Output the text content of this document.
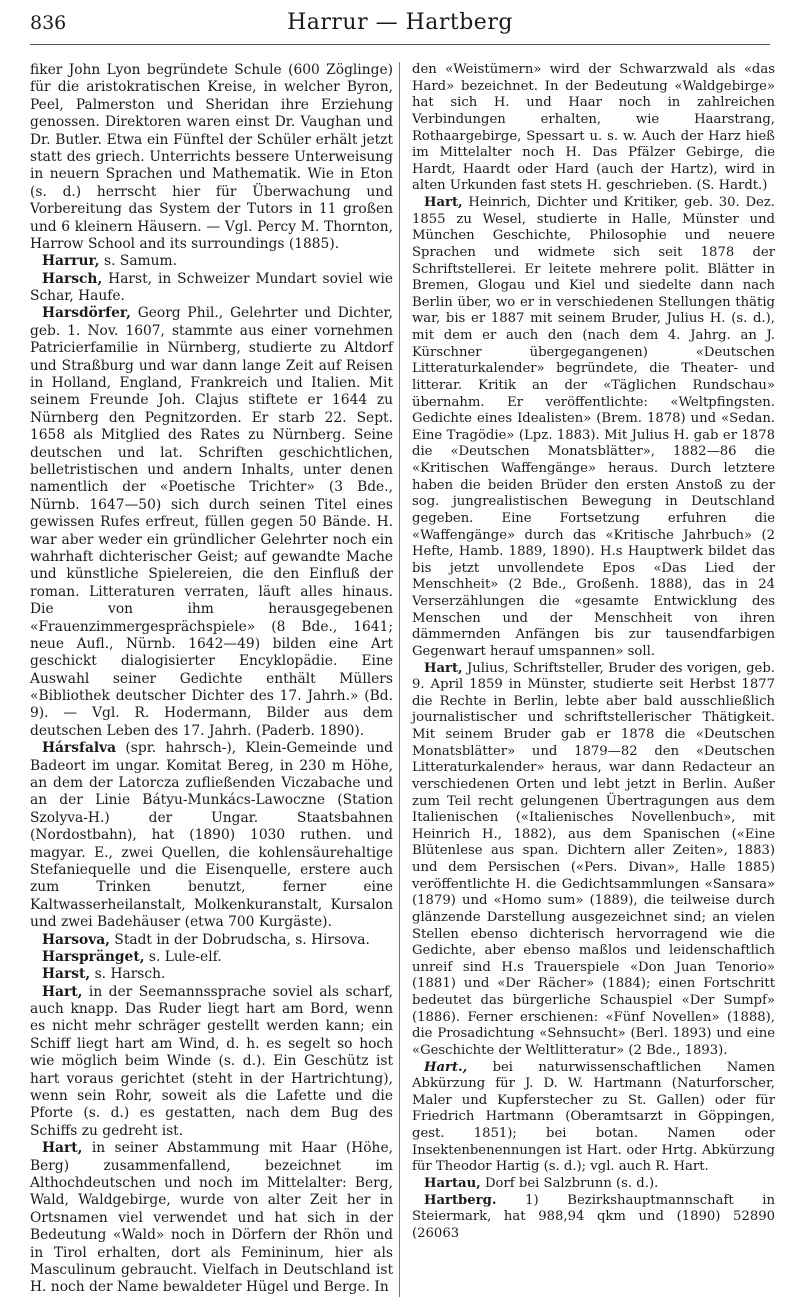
836	Harrur — Hartberg

fiker John Lyon begründete Schule (600 Zöglinge) für die aristokratischen Kreise, in welcher Byron, Peel, Palmerston und Sheridan ihre Erziehung genossen. Direktoren waren einst Dr. Vaughan und Dr. Butler. Etwa ein Fünftel der Schüler erhält jetzt statt des griech. Unterrichts bessere Unterweisung in neuern Sprachen und Mathematik. Wie in Eton (s. d.) herrscht hier für Überwachung und Vorbereitung das System der Tutors in 11 großen und 6 kleinern Häusern. — Vgl. Percy M. Thornton, Harrow School and its surroundings (1885).

Harrur, s. Samum.

Harsch, Harst, in Schweizer Mundart soviel wie Schar, Haufe.

Harsdörfer, Georg Phil., Gelehrter und Dichter, geb. 1. Nov. 1607, stammte aus einer vornehmen Patricierfamilie in Nürnberg, studierte zu Altdorf und Straßburg und war dann lange Zeit auf Reisen in Holland, England, Frankreich und Italien. Mit seinem Freunde Joh. Clajus stiftete er 1644 zu Nürnberg den Pegnitzorden. Er starb 22. Sept. 1658 als Mitglied des Rates zu Nürnberg. Seine deutschen und lat. Schriften geschichtlichen, belletristischen und andern Inhalts, unter denen namentlich der «Poetische Trichter» (3 Bde., Nürnb. 1647—50) sich durch seinen Titel eines gewissen Rufes erfreut, füllen gegen 50 Bände. H. war aber weder ein gründlicher Gelehrter noch ein wahrhaft dichterischer Geist; auf gewandte Mache und künstliche Spielereien, die den Einfluß der roman. Litteraturen verraten, läuft alles hinaus. Die von ihm herausgegebenen «Frauenzimmergesprächspiele» (8 Bde., 1641; neue Aufl., Nürnb. 1642—49) bilden eine Art geschickt dialogisierter Encyklopädie. Eine Auswahl seiner Gedichte enthält Müllers «Bibliothek deutscher Dichter des 17. Jahrh.» (Bd. 9). — Vgl. R. Hodermann, Bilder aus dem deutschen Leben des 17. Jahrh. (Paderb. 1890).

Hársfalva (spr. hahrsch-), Klein-Gemeinde und Badeort im ungar. Komitat Bereg, in 230 m Höhe, an dem der Latorcza zufließenden Viczabache und an der Linie Bátyu-Munkács-Lawoczne (Station Szolyva-H.) der Ungar. Staatsbahnen (Nordostbahn), hat (1890) 1030 ruthen. und magyar. E., zwei Quellen, die kohlensäurehaltige Stefaniequelle und die Eisenquelle, erstere auch zum Trinken benutzt, ferner eine Kaltwasserheilanstalt, Molkenkuranstalt, Kursalon und zwei Badehäuser (etwa 700 Kurgäste).

Harsova, Stadt in der Dobrudscha, s. Hirsova.

Harspränget, s. Lule-elf.

Harst, s. Harsch.

Hart, in der Seemannssprache soviel als scharf, auch knapp. Das Ruder liegt hart am Bord, wenn es nicht mehr schräger gestellt werden kann; ein Schiff liegt hart am Wind, d. h. es segelt so hoch wie möglich beim Winde (s. d.). Ein Geschütz ist hart voraus gerichtet (steht in der Hartrichtung), wenn sein Rohr, soweit als die Lafette und die Pforte (s. d.) es gestatten, nach dem Bug des Schiffs zu gedreht ist.

Hart, in seiner Abstammung mit Haar (Höhe, Berg) zusammenfallend, bezeichnet im Althochdeutschen und noch im Mittelalter: Berg, Wald, Waldgebirge, wurde von alter Zeit her in Ortsnamen viel verwendet und hat sich in der Bedeutung «Wald» noch in Dörfern der Rhön und in Tirol erhalten, dort als Femininum, hier als Masculinum gebraucht. Vielfach in Deutschland ist H. noch der Name bewaldeter Hügel und Berge. In

den «Weistümern» wird der Schwarzwald als «das Hard» bezeichnet. In der Bedeutung «Waldgebirge» hat sich H. und Haar noch in zahlreichen Verbindungen erhalten, wie Haarstrang, Rothaargebirge, Spessart u. s. w. Auch der Harz hieß im Mittelalter noch H. Das Pfälzer Gebirge, die Hardt, Haardt oder Hard (auch der Hartz), wird in alten Urkunden fast stets H. geschrieben. (S. Hardt.)

Hart, Heinrich, Dichter und Kritiker, geb. 30. Dez. 1855 zu Wesel, studierte in Halle, Münster und München Geschichte, Philosophie und neuere Sprachen und widmete sich seit 1878 der Schriftstellerei. Er leitete mehrere polit. Blätter in Bremen, Glogau und Kiel und siedelte dann nach Berlin über, wo er in verschiedenen Stellungen thätig war, bis er 1887 mit seinem Bruder, Julius H. (s. d.), mit dem er auch den (nach dem 4. Jahrg. an J. Kürschner übergegangenen) «Deutschen Litteraturkalender» begründete, die Theater- und litterar. Kritik an der «Täglichen Rundschau» übernahm. Er veröffentlichte: «Weltpfingsten. Gedichte eines Idealisten» (Brem. 1878) und «Sedan. Eine Tragödie» (Lpz. 1883). Mit Julius H. gab er 1878 die «Deutschen Monatsblätter», 1882—86 die «Kritischen Waffengänge» heraus. Durch letztere haben die beiden Brüder den ersten Anstoß zu der sog. jungrealistischen Bewegung in Deutschland gegeben. Eine Fortsetzung erfuhren die «Waffengänge» durch das «Kritische Jahrbuch» (2 Hefte, Hamb. 1889, 1890). H.s Hauptwerk bildet das bis jetzt unvollendete Epos «Das Lied der Menschheit» (2 Bde., Großenh. 1888), das in 24 Verserzählungen die «gesamte Entwicklung des Menschen und der Menschheit von ihren dämmernden Anfängen bis zur tausendfarbigen Gegenwart herauf umspannen» soll.

Hart, Julius, Schriftsteller, Bruder des vorigen, geb. 9. April 1859 in Münster, studierte seit Herbst 1877 die Rechte in Berlin, lebte aber bald ausschließlich journalistischer und schriftstellerischer Thätigkeit. Mit seinem Bruder gab er 1878 die «Deutschen Monatsblätter» und 1879—82 den «Deutschen Litteraturkalender» heraus, war dann Redacteur an verschiedenen Orten und lebt jetzt in Berlin. Außer zum Teil recht gelungenen Übertragungen aus dem Italienischen («Italienisches Novellenbuch», mit Heinrich H., 1882), aus dem Spanischen («Eine Blütenlese aus span. Dichtern aller Zeiten», 1883) und dem Persischen («Pers. Divan», Halle 1885) veröffentlichte H. die Gedichtsammlungen «Sansara» (1879) und «Homo sum» (1889), die teilweise durch glänzende Darstellung ausgezeichnet sind; an vielen Stellen ebenso dichterisch hervorragend wie die Gedichte, aber ebenso maßlos und leidenschaftlich unreif sind H.s Trauerspiele «Don Juan Tenorio» (1881) und «Der Rächer» (1884); einen Fortschritt bedeutet das bürgerliche Schauspiel «Der Sumpf» (1886). Ferner erschienen: «Fünf Novellen» (1888), die Prosadichtung «Sehnsucht» (Berl. 1893) und eine «Geschichte der Weltlitteratur» (2 Bde., 1893).

Hart., bei naturwissenschaftlichen Namen Abkürzung für J. D. W. Hartmann (Naturforscher, Maler und Kupferstecher zu St. Gallen) oder für Friedrich Hartmann (Oberamtsarzt in Göppingen, gest. 1851); bei botan. Namen oder Insektenbenennungen ist Hart. oder Hrtg. Abkürzung für Theodor Hartig (s. d.); vgl. auch R. Hart.

Hartau, Dorf bei Salzbrunn (s. d.).

Hartberg. 1) Bezirkshauptmannschaft in Steiermark, hat 988,94 qkm und (1890) 52890 (26063
